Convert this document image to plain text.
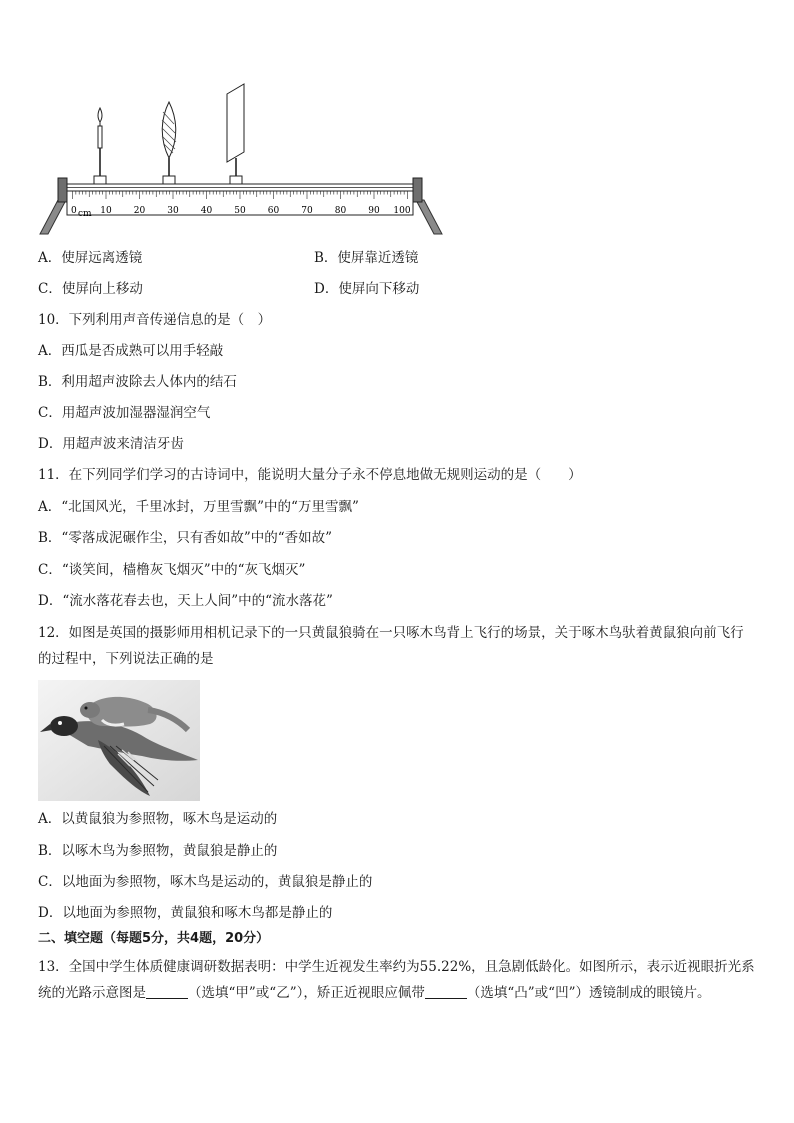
0 cm 10 20 30 40 50 60 70 80 90 100
A．使屏远离透镜	B．使屏靠近透镜
C．使屏向上移动	D．使屏向下移动
10．下列利用声音传递信息的是（　）
A．西瓜是否成熟可以用手轻敲
B．利用超声波除去人体内的结石
C．用超声波加湿器湿润空气
D．用超声波来清洁牙齿
11．在下列同学们学习的古诗词中，能说明大量分子永不停息地做无规则运动的是（　　）
A．“北国风光，千里冰封，万里雪飘”中的“万里雪飘”
B．“零落成泥碾作尘，只有香如故”中的“香如故”
C．“谈笑间，樯橹灰飞烟灭”中的“灰飞烟灭”
D．“流水落花春去也，天上人间”中的“流水落花”
12．如图是英国的摄影师用相机记录下的一只黄鼠狼骑在一只啄木鸟背上飞行的场景，关于啄木鸟驮着黄鼠狼向前飞行的过程中，下列说法正确的是
A．以黄鼠狼为参照物，啄木鸟是运动的
B．以啄木鸟为参照物，黄鼠狼是静止的
C．以地面为参照物，啄木鸟是运动的，黄鼠狼是静止的
D．以地面为参照物，黄鼠狼和啄木鸟都是静止的
二、填空题（每题5分，共4题，20分）
13．全国中学生体质健康调研数据表明：中学生近视发生率约为55.22%，且急剧低龄化。如图所示，表示近视眼折光系统的光路示意图是	（选填“甲”或“乙”），矫正近视眼应佩带	（选填“凸”或“凹”）透镜制成的眼镜片。
